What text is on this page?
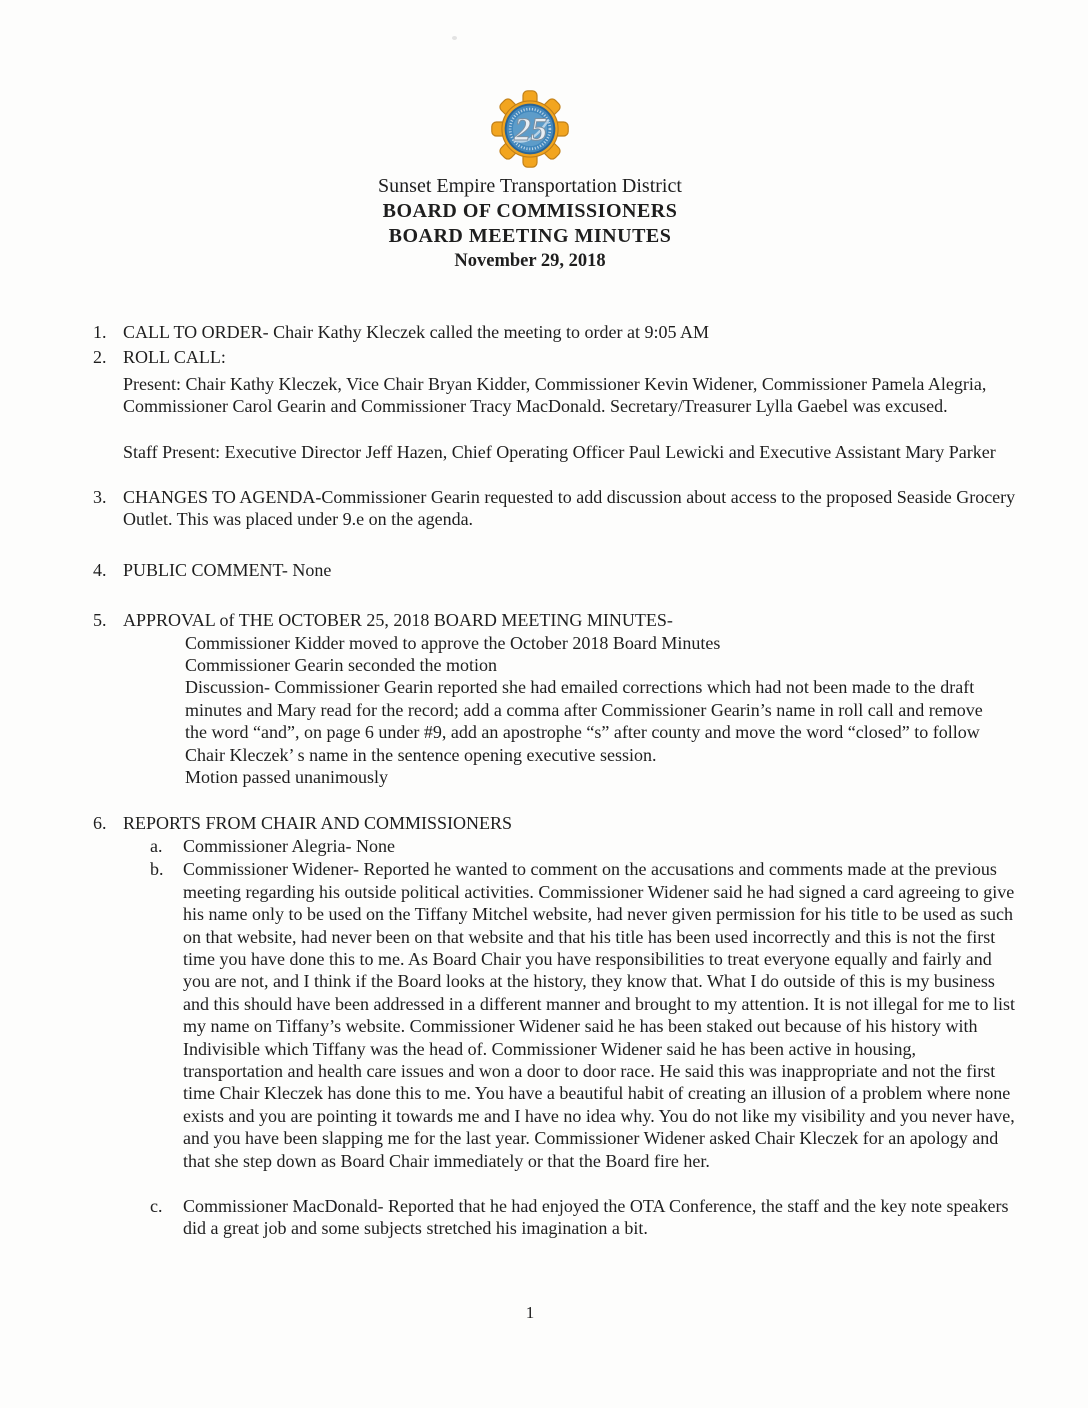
25
Sunset Empire Transportation District
BOARD OF COMMISSIONERS
BOARD MEETING MINUTES
November 29, 2018
1. CALL TO ORDER- Chair Kathy Kleczek called the meeting to order at 9:05 AM
2. ROLL CALL:
Present: Chair Kathy Kleczek, Vice Chair Bryan Kidder, Commissioner Kevin Widener, Commissioner Pamela Alegria, Commissioner Carol Gearin and Commissioner Tracy MacDonald. Secretary/Treasurer Lylla Gaebel was excused.
Staff Present: Executive Director Jeff Hazen, Chief Operating Officer Paul Lewicki and Executive Assistant Mary Parker
3. CHANGES TO AGENDA-Commissioner Gearin requested to add discussion about access to the proposed Seaside Grocery Outlet. This was placed under 9.e on the agenda.
4. PUBLIC COMMENT- None
5. APPROVAL of THE OCTOBER 25, 2018 BOARD MEETING MINUTES-
Commissioner Kidder moved to approve the October 2018 Board Minutes
Commissioner Gearin seconded the motion
Discussion- Commissioner Gearin reported she had emailed corrections which had not been made to the draft minutes and Mary read for the record; add a comma after Commissioner Gearin’s name in roll call and remove the word “and”, on page 6 under #9, add an apostrophe “s” after county and move the word “closed” to follow Chair Kleczek’ s name in the sentence opening executive session.
Motion passed unanimously
6. REPORTS FROM CHAIR AND COMMISSIONERS
a.	Commissioner Alegria- None
b.	Commissioner Widener- Reported he wanted to comment on the accusations and comments made at the previous meeting regarding his outside political activities. Commissioner Widener said he had signed a card agreeing to give his name only to be used on the Tiffany Mitchel website, had never given permission for his title to be used as such on that website, had never been on that website and that his title has been used incorrectly and this is not the first time you have done this to me. As Board Chair you have responsibilities to treat everyone equally and fairly and you are not, and I think if the Board looks at the history, they know that. What I do outside of this is my business and this should have been addressed in a different manner and brought to my attention. It is not illegal for me to list my name on Tiffany’s website. Commissioner Widener said he has been staked out because of his history with Indivisible which Tiffany was the head of. Commissioner Widener said he has been active in housing, transportation and health care issues and won a door to door race. He said this was inappropriate and not the first time Chair Kleczek has done this to me. You have a beautiful habit of creating an illusion of a problem where none exists and you are pointing it towards me and I have no idea why. You do not like my visibility and you never have, and you have been slapping me for the last year. Commissioner Widener asked Chair Kleczek for an apology and that she step down as Board Chair immediately or that the Board fire her.
c.	Commissioner MacDonald- Reported that he had enjoyed the OTA Conference, the staff and the key note speakers did a great job and some subjects stretched his imagination a bit.
1
